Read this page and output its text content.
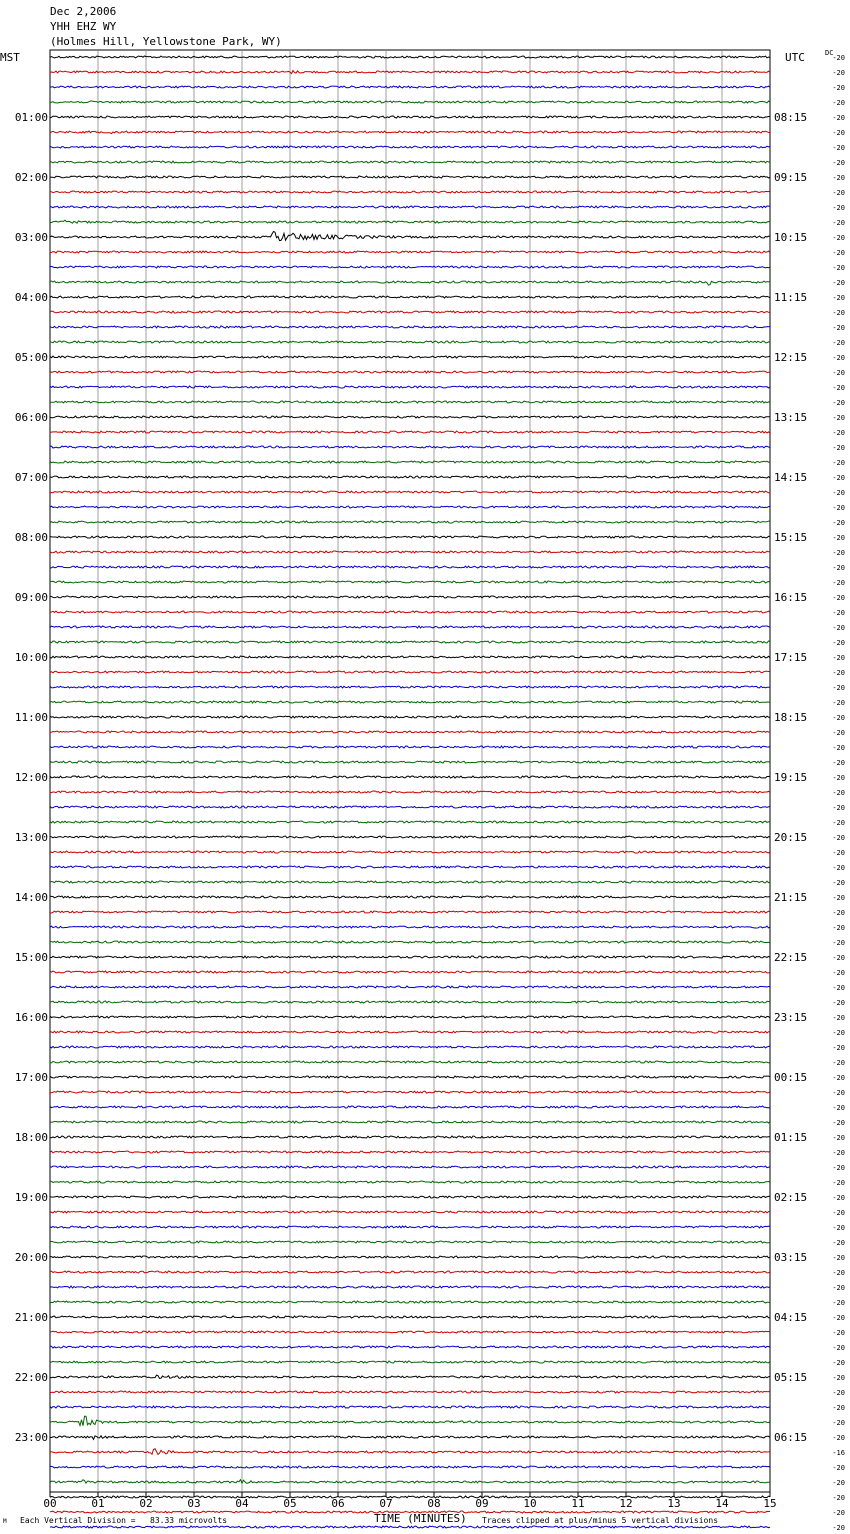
Dec 2,2006
YHH EHZ WY
(Holmes Hill, Yellowstone Park, WY)
MST	UTC	DC
TIME (MINUTES)
Each Vertical Division =   83.33 microvolts	Traces clipped at plus/minus 5 vertical divisions
M
00	01	02	03	04	05	06	07	08	09	10	11	12	13	14	15
-20
-20
-20
-20
-20
01:00	08:15
-20
-20
-20
-20
02:00	09:15
-20
-20
-20
-20
03:00	10:15
-20
-20
-20
-20
04:00	11:15
-20
-20
-20
-20
05:00	12:15
-20
-20
-20
-20
06:00	13:15
-20
-20
-20
-20
07:00	14:15
-20
-20
-20
-20
08:00	15:15
-20
-20
-20
-20
09:00	16:15
-20
-20
-20
-20
10:00	17:15
-20
-20
-20
-20
11:00	18:15
-20
-20
-20
-20
12:00	19:15
-20
-20
-20
-20
13:00	20:15
-20
-20
-20
-20
14:00	21:15
-20
-20
-20
-20
15:00	22:15
-20
-20
-20
-20
16:00	23:15
-20
-20
-20
-20
17:00	00:15
-20
-20
-20
-20
18:00	01:15
-20
-20
-20
-20
19:00	02:15
-20
-20
-20
-20
20:00	03:15
-20
-20
-20
-20
21:00	04:15
-20
-20
-20
-20
22:00	05:15
-20
-20
-20
-20
23:00	06:15
-16
-20
-20
-20
-20
-20
